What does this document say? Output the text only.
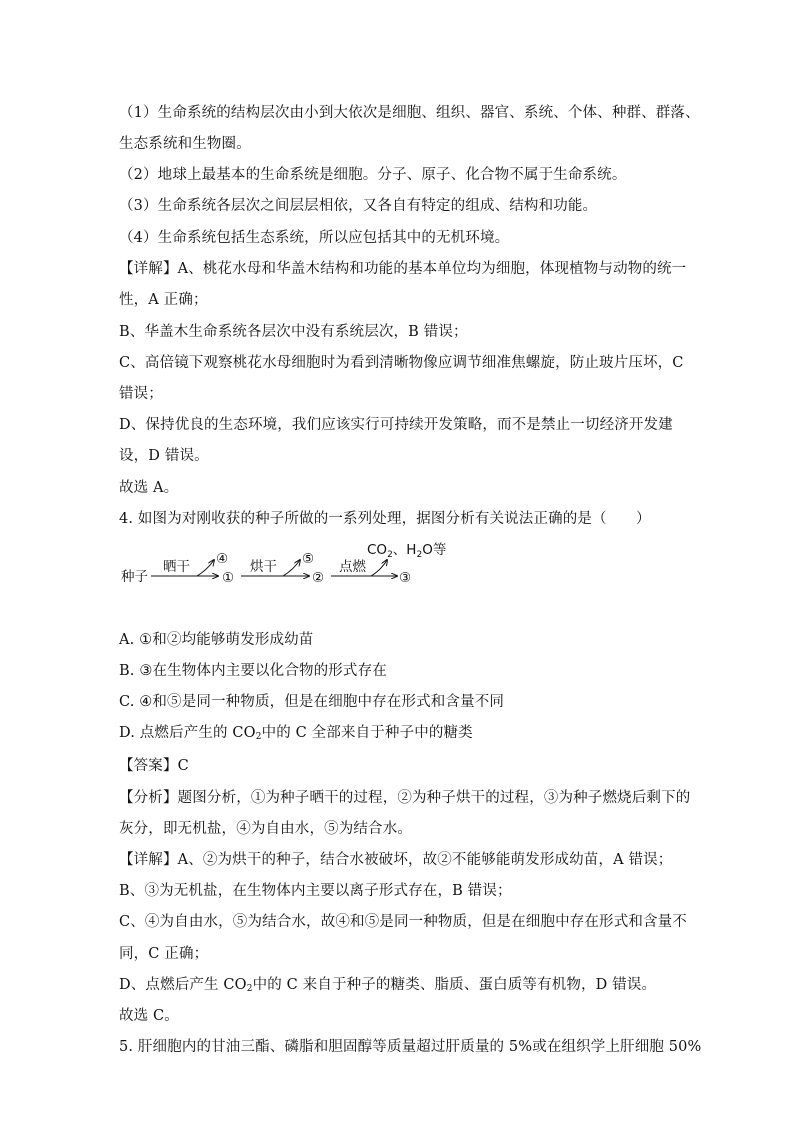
（1）生命系统的结构层次由小到大依次是细胞、组织、器官、系统、个体、种群、群落、
生态系统和生物圈。
（2）地球上最基本的生命系统是细胞。分子、原子、化合物不属于生命系统。
（3）生命系统各层次之间层层相依，又各自有特定的组成、结构和功能。
（4）生命系统包括生态系统，所以应包括其中的无机环境。
【详解】A、桃花水母和华盖木结构和功能的基本单位均为细胞，体现植物与动物的统一
性，A 正确；
B、华盖木生命系统各层次中没有系统层次，B 错误；
C、高倍镜下观察桃花水母细胞时为看到清晰物像应调节细准焦螺旋，防止玻片压坏，C
错误；
D、保持优良的生态环境，我们应该实行可持续开发策略，而不是禁止一切经济开发建
设，D 错误。
故选 A。
4. 如图为对刚收获的种子所做的一系列处理，据图分析有关说法正确的是（　　）
种子
晒干 ④
①
烘干 ⑤
②
点燃
$CO_2$、$H_2O$等
③
A. ①和②均能够萌发形成幼苗
B. ③在生物体内主要以化合物的形式存在
C. ④和⑤是同一种物质，但是在细胞中存在形式和含量不同
D. 点燃后产生的 $CO_2$中的 C 全部来自于种子中的糖类
【答案】C
【分析】题图分析，①为种子晒干的过程，②为种子烘干的过程，③为种子燃烧后剩下的
灰分，即无机盐，④为自由水，⑤为结合水。
【详解】A、②为烘干的种子，结合水被破坏，故②不能够能萌发形成幼苗，A 错误；
B、③为无机盐，在生物体内主要以离子形式存在，B 错误；
C、④为自由水，⑤为结合水，故④和⑤是同一种物质，但是在细胞中存在形式和含量不
同，C 正确；
D、点燃后产生 $CO_2$中的 C 来自于种子的糖类、脂质、蛋白质等有机物，D 错误。
故选 C。
5. 肝细胞内的甘油三酯、磷脂和胆固醇等质量超过肝质量的 5%或在组织学上肝细胞 50%
